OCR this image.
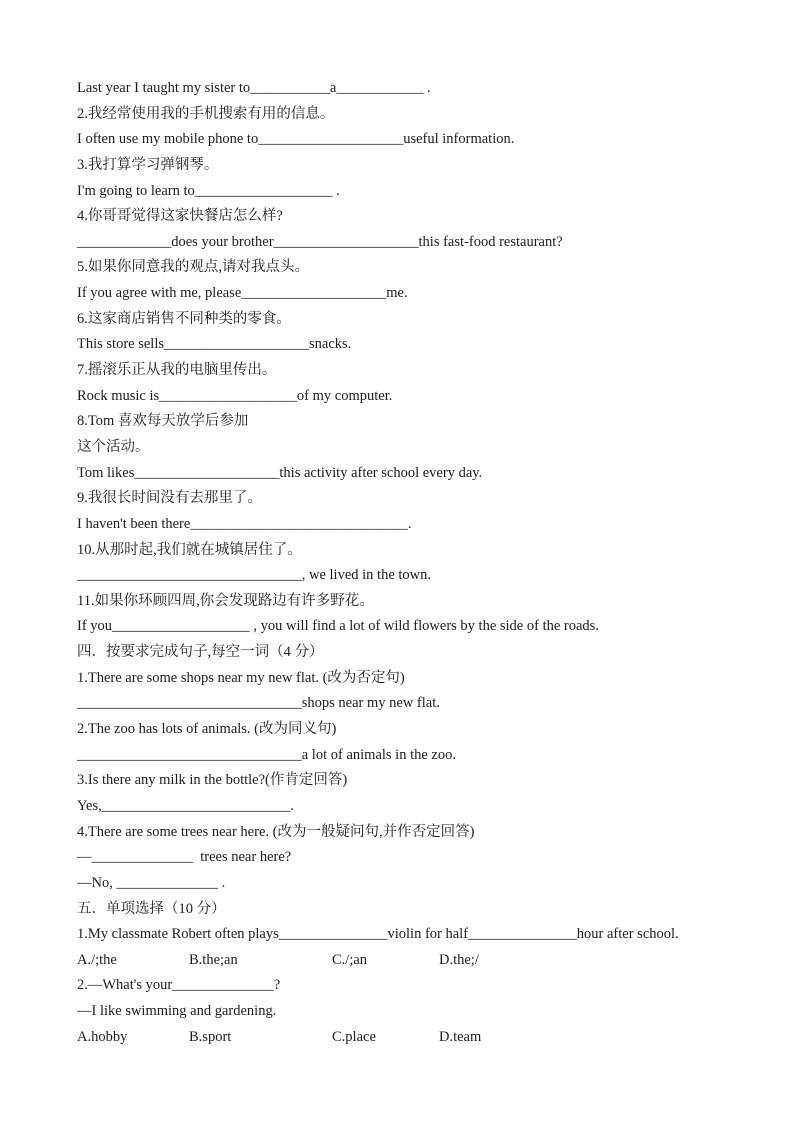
Last year I taught my sister to___________a____________ .
2.我经常使用我的手机搜索有用的信息。
I often use my mobile phone to____________________useful information.
3.我打算学习弹钢琴。
I'm going to learn to___________________ .
4.你哥哥觉得这家快餐店怎么样?
_____________does your brother____________________this fast-food restaurant?
5.如果你同意我的观点,请对我点头。
If you agree with me, please____________________me.
6.这家商店销售不同种类的零食。
This store sells____________________snacks.
7.摇滚乐正从我的电脑里传出。
Rock music is___________________of my computer.
8.Tom 喜欢每天放学后参加
这个活动。
Tom likes____________________this activity after school every day.
9.我很长时间没有去那里了。
I haven't been there______________________________.
10.从那时起,我们就在城镇居住了。
_______________________________, we lived in the town.
11.如果你环顾四周,你会发现路边有许多野花。
If you___________________ , you will find a lot of wild flowers by the side of the roads.
四．按要求完成句子,每空一词（4 分）
1.There are some shops near my new flat. (改为否定句)
_______________________________shops near my new flat.
2.The zoo has lots of animals. (改为同义句)
_______________________________a lot of animals in the zoo.
3.Is there any milk in the bottle?(作肯定回答)
Yes,__________________________.
4.There are some trees near here. (改为一般疑问句,并作否定回答)
—______________  trees near here?
—No, ______________ .
五．单项选择（10 分）
1.My classmate Robert often plays_______________violin for half_______________hour after school.
A./;the	B.the;an	C./;an	D.the;/
2.—What's your______________?
—I like swimming and gardening.
A.hobby	B.sport	C.place	D.team
